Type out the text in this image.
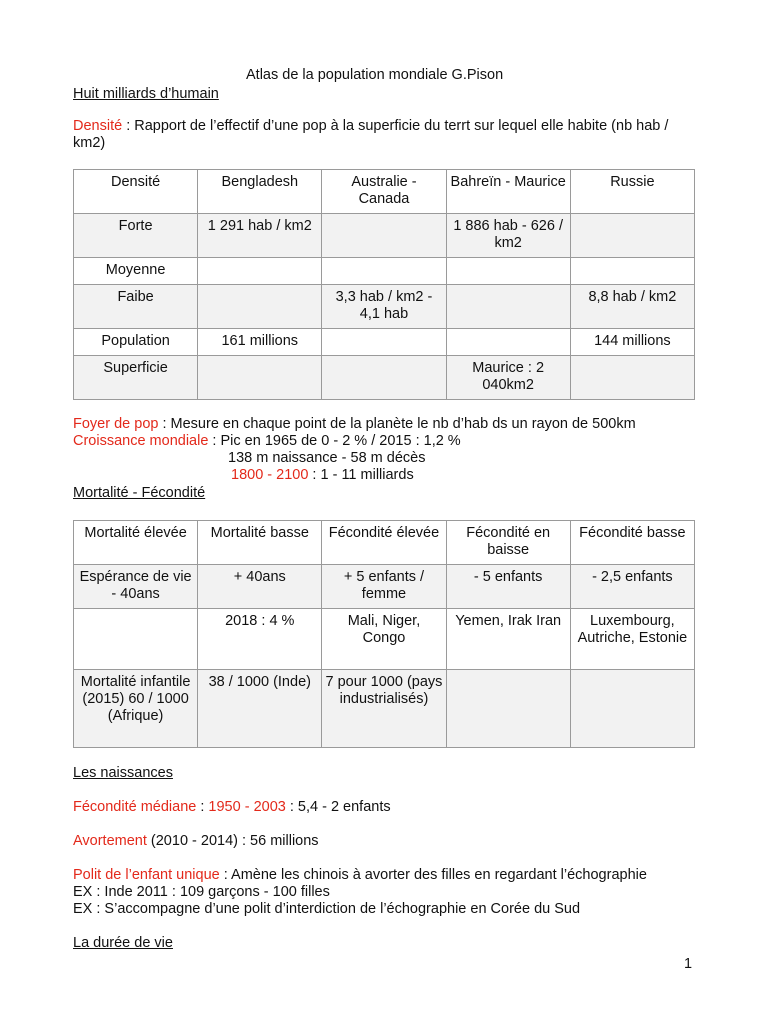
Atlas de la population mondiale G.Pison
Huit milliards d’humain
Densité : Rapport de l’effectif d’une pop à la superficie du terrt sur lequel elle habite (nb hab / km2)
Densité	Bengladesh	Australie - Canada	Bahreïn - Maurice	Russie
Forte	1 291 hab / km2		1 886 hab - 626 / km2	
Moyenne				
Faibe		3,3 hab / km2 - 4,1 hab		8,8 hab / km2
Population	161 millions			144 millions
Superficie			Maurice : 2 040km2	
Foyer de pop : Mesure en chaque point de la planète le nb d’hab ds un rayon de 500km
Croissance mondiale : Pic en 1965 de 0 - 2 % / 2015 : 1,2 %
138 m naissance - 58 m décès
1800 - 2100 : 1 - 11 milliards
Mortalité - Fécondité
Mortalité élevée	Mortalité basse	Fécondité élevée	Fécondité en baisse	Fécondité basse
Espérance de vie - 40ans	+ 40ans	+ 5 enfants / femme	- 5 enfants	- 2,5 enfants
	2018 : 4 %	Mali, Niger, Congo	Yemen, Irak Iran	Luxembourg, Autriche, Estonie
Mortalité infantile (2015) 60 / 1000 (Afrique)	38 / 1000 (Inde)	7 pour 1000 (pays industrialisés)		
Les naissances
Fécondité médiane : 1950 - 2003 : 5,4 - 2 enfants
Avortement (2010 - 2014) : 56 millions
Polit de l’enfant unique : Amène les chinois à avorter des filles en regardant l’échographie
EX : Inde 2011 : 109 garçons - 100 filles
EX : S’accompagne d’une polit d’interdiction de l’échographie en Corée du Sud
La durée de vie
1
